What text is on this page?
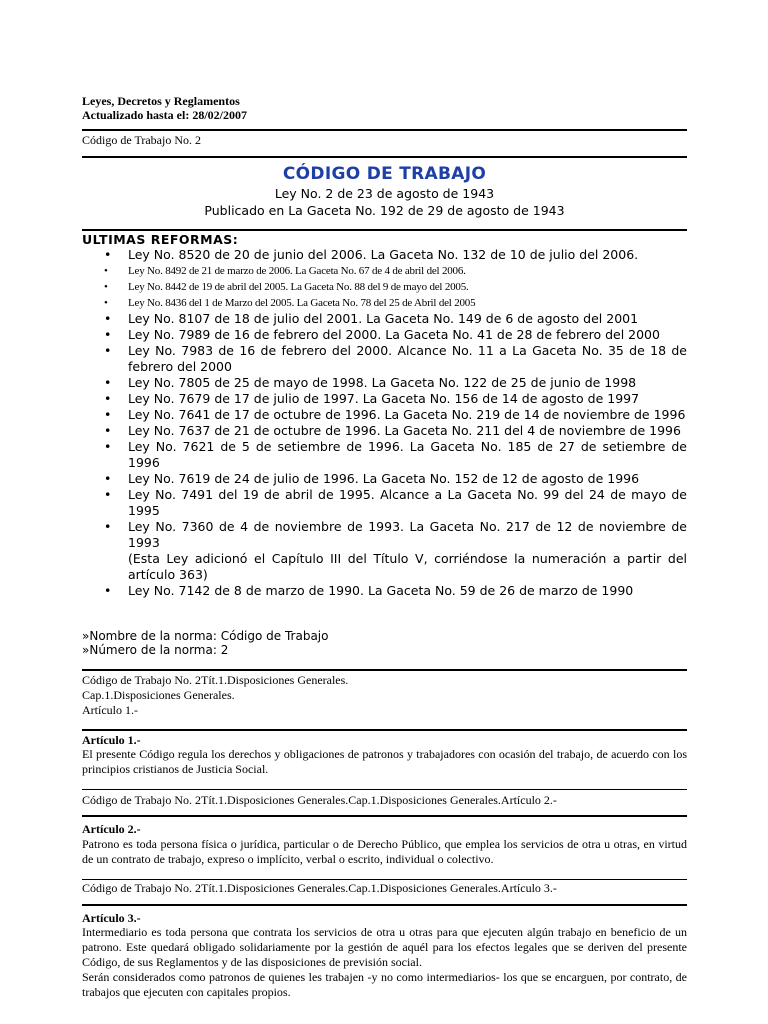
Leyes, Decretos y Reglamentos
Actualizado hasta el: 28/02/2007
Código de Trabajo No. 2
CÓDIGO DE TRABAJO
Ley No. 2 de 23 de agosto de 1943
Publicado en La Gaceta No. 192 de 29 de agosto de 1943
ULTIMAS REFORMAS:
• Ley No. 8520 de 20 de junio del 2006. La Gaceta No. 132 de 10 de julio del 2006.
• Ley No. 8492 de 21 de marzo de 2006. La Gaceta No. 67 de 4 de abril del 2006.
• Ley No. 8442 de 19 de abril del 2005. La Gaceta No. 88 del 9 de mayo del 2005.
• Ley No. 8436 del 1 de Marzo del 2005. La Gaceta No. 78 del 25 de Abril del 2005
• Ley No. 8107 de 18 de julio del 2001. La Gaceta No. 149 de 6 de agosto del 2001
• Ley No. 7989 de 16 de febrero del 2000. La Gaceta No. 41 de 28 de febrero del 2000
• Ley No. 7983 de 16 de febrero del 2000. Alcance No. 11 a La Gaceta No. 35 de 18 de febrero del 2000
• Ley No. 7805 de 25 de mayo de 1998. La Gaceta No. 122 de 25 de junio de 1998
• Ley No. 7679 de 17 de julio de 1997. La Gaceta No. 156 de 14 de agosto de 1997
• Ley No. 7641 de 17 de octubre de 1996. La Gaceta No. 219 de 14 de noviembre de 1996
• Ley No. 7637 de 21 de octubre de 1996. La Gaceta No. 211 del 4 de noviembre de 1996
• Ley No. 7621 de 5 de setiembre de 1996. La Gaceta No. 185 de 27 de setiembre de 1996
• Ley No. 7619 de 24 de julio de 1996. La Gaceta No. 152 de 12 de agosto de 1996
• Ley No. 7491 del 19 de abril de 1995. Alcance a La Gaceta No. 99 del 24 de mayo de 1995
• Ley No. 7360 de 4 de noviembre de 1993. La Gaceta No. 217 de 12 de noviembre de 1993
(Esta Ley adicionó el Capítulo III del Título V, corriéndose la numeración a partir del artículo 363)
• Ley No. 7142 de 8 de marzo de 1990. La Gaceta No. 59 de 26 de marzo de 1990
»Nombre de la norma: Código de Trabajo
»Número de la norma: 2
Código de Trabajo No. 2Tít.1.Disposiciones Generales.
Cap.1.Disposiciones Generales.
Artículo 1.-
Artículo 1.-
El presente Código regula los derechos y obligaciones de patronos y trabajadores con ocasión del trabajo, de acuerdo con los principios cristianos de Justicia Social.
Código de Trabajo No. 2Tít.1.Disposiciones Generales.Cap.1.Disposiciones Generales.Artículo 2.-
Artículo 2.-
Patrono es toda persona física o jurídica, particular o de Derecho Público, que emplea los servicios de otra u otras, en virtud de un contrato de trabajo, expreso o implícito, verbal o escrito, individual o colectivo.
Código de Trabajo No. 2Tít.1.Disposiciones Generales.Cap.1.Disposiciones Generales.Artículo 3.-
Artículo 3.-
Intermediario es toda persona que contrata los servicios de otra u otras para que ejecuten algún trabajo en beneficio de un patrono. Este quedará obligado solidariamente por la gestión de aquél para los efectos legales que se deriven del presente Código, de sus Reglamentos y de las disposiciones de previsión social.
Serán considerados como patronos de quienes les trabajen -y no como intermediarios- los que se encarguen, por contrato, de trabajos que ejecuten con capitales propios.
